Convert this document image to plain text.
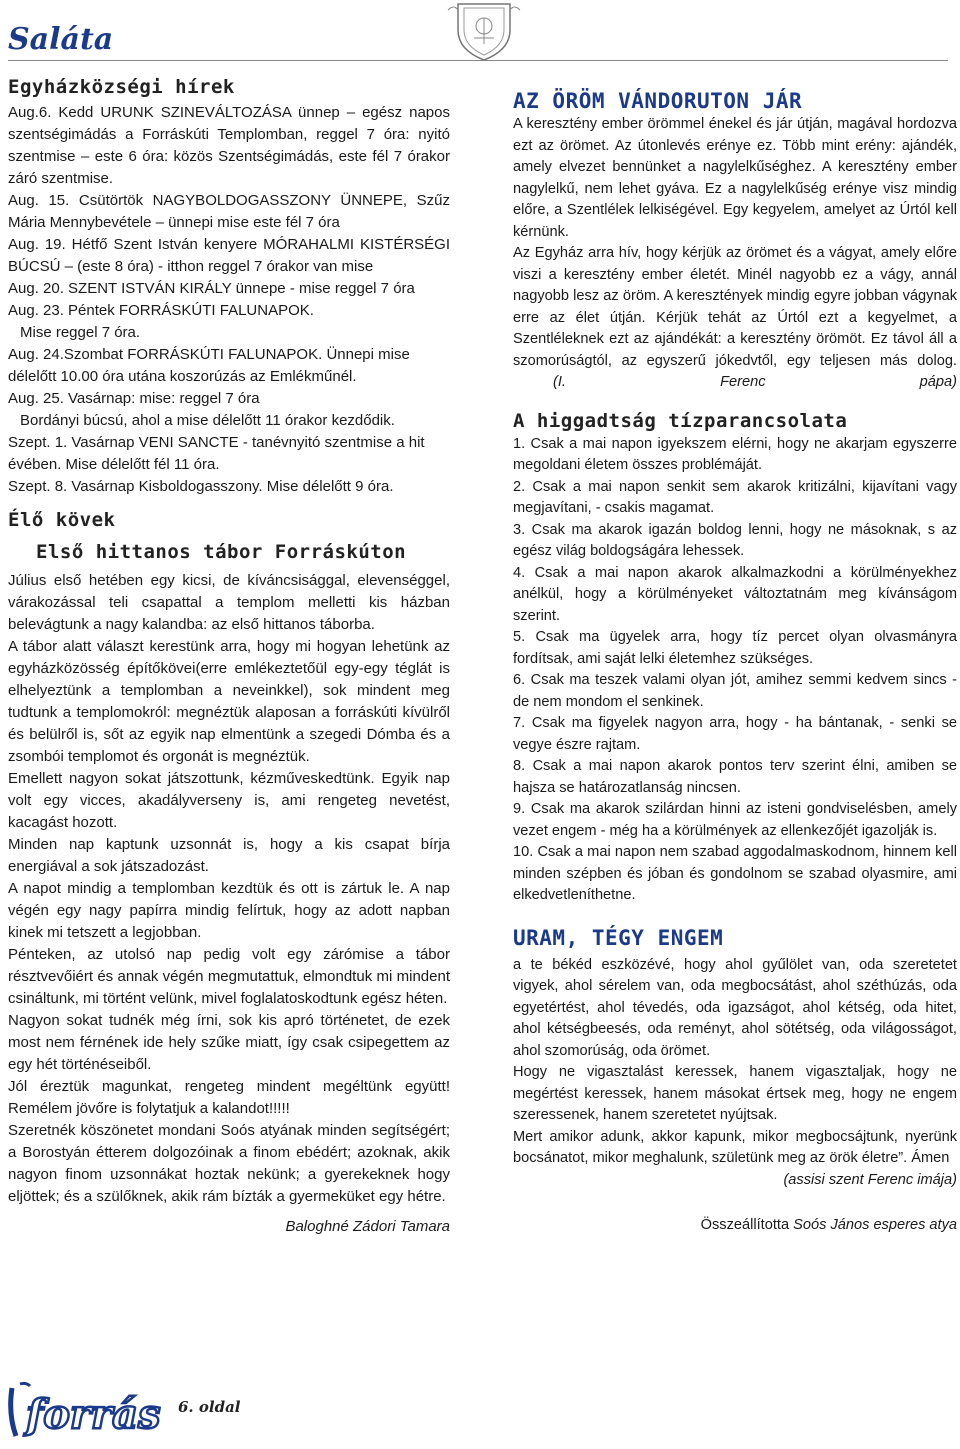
Saláta
Egyházközségi hírek

Aug.6. Kedd URUNK SZINEVÁLTOZÁSA ünnep – egész napos szentségimádás a Forráskúti Templomban, reggel 7 óra: nyitó szentmise – este 6 óra: közös Szentségimádás, este fél 7 órakor záró szentmise.

Aug. 15. Csütörtök NAGYBOLDOGASSZONY ÜNNEPE, Szűz Mária Mennybevétele – ünnepi mise este fél 7 óra

Aug. 19. Hétfő Szent István kenyere MÓRAHALMI KISTÉRSÉGI BÚCSÚ – (este 8 óra) - itthon reggel 7 órakor van mise

Aug. 20. SZENT ISTVÁN KIRÁLY ünnepe - mise reggel 7 óra

Aug. 23. Péntek FORRÁSKÚTI FALUNAPOK.

Mise reggel 7 óra.

Aug. 24.Szombat FORRÁSKÚTI FALUNAPOK. Ünnepi mise délelőtt 10.00 óra utána koszorúzás az Emlékműnél.

Aug. 25. Vasárnap: mise: reggel 7 óra

Bordányi búcsú, ahol a mise délelőtt 11 órakor kezdődik.

Szept. 1. Vasárnap VENI SANCTE - tanévnyitó szentmise a hit évében. Mise délelőtt fél 11 óra.

Szept. 8. Vasárnap Kisboldogasszony. Mise délelőtt 9 óra.

Élő kövek
Első hittanos tábor Forráskúton

Július első hetében egy kicsi, de kíváncsisággal, elevenséggel, várakozással teli csapattal a templom melletti kis házban belevágtunk a nagy kalandba: az első hittanos táborba.

A tábor alatt választ kerestünk arra, hogy mi hogyan lehetünk az egyházközösség építőkövei(erre emlékeztetőül egy-egy téglát is elhelyeztünk a templomban a neveinkkel), sok mindent meg tudtunk a templomokról: megnéztük alaposan a forráskúti kívülről és belülről is, sőt az egyik nap elmentünk a szegedi Dómba és a zsombói templomot és orgonát is megnéztük.

Emellett nagyon sokat játszottunk, kézműveskedtünk. Egyik nap volt egy vicces, akadályverseny is, ami rengeteg nevetést, kacagást hozott.

Minden nap kaptunk uzsonnát is, hogy a kis csapat bírja energiával a sok játszadozást.

A napot mindig a templomban kezdtük és ott is zártuk le. A nap végén egy nagy papírra mindig felírtuk, hogy az adott napban kinek mi tetszett a legjobban.

Pénteken, az utolsó nap pedig volt egy zárómise a tábor résztvevőiért és annak végén megmutattuk, elmondtuk mi mindent csináltunk, mi történt velünk, mivel foglalatoskodtunk egész héten.

Nagyon sokat tudnék még írni, sok kis apró történetet, de ezek most nem férnének ide hely szűke miatt, így csak csipegettem az egy hét történéseiből.

Jól éreztük magunkat, rengeteg mindent megéltünk együtt! Remélem jövőre is folytatjuk a kalandot!!!!!

Szeretnék köszönetet mondani Soós atyának minden segítségért; a Borostyán étterem dolgozóinak a finom ebédért; azoknak, akik nagyon finom uzsonnákat hoztak nekünk; a gyerekeknek hogy eljöttek; és a szülőknek, akik rám bízták a gyermeküket egy hétre.

Baloghné Zádori Tamara
forrás 6. oldal
AZ ÖRÖM VÁNDORUTON JÁR

A keresztény ember örömmel énekel és jár útján, magával hordozva ezt az örömet. Az útonlevés erénye ez. Több mint erény: ajándék, amely elvezet bennünket a nagylelkűséghez. A keresztény ember nagylelkű, nem lehet gyáva. Ez a nagylelkűség erénye visz mindig előre, a Szentlélek lelkiségével. Egy kegyelem, amelyet az Úrtól kell kérnünk.

Az Egyház arra hív, hogy kérjük az örömet és a vágyat, amely előre viszi a keresztény ember életét. Minél nagyobb ez a vágy, annál nagyobb lesz az öröm. A keresztények mindig egyre jobban vágynak erre az élet útján. Kérjük tehát az Úrtól ezt a kegyelmet, a Szentléleknek ezt az ajándékát: a keresztény örömöt. Ez távol áll a szomorúságtól, az egyszerű jókedvtől, egy teljesen más dolog. (I. Ferenc pápa)

A higgadtság tízparancsolata

1. Csak a mai napon igyekszem elérni, hogy ne akarjam egyszerre megoldani életem összes problémáját.

2. Csak a mai napon senkit sem akarok kritizálni, kijavítani vagy megjavítani, - csakis magamat.

3. Csak ma akarok igazán boldog lenni, hogy ne másoknak, s az egész világ boldogságára lehessek.

4. Csak a mai napon akarok alkalmazkodni a körülményekhez anélkül, hogy a körülményeket változtatnám meg kívánságom szerint.

5. Csak ma ügyelek arra, hogy tíz percet olyan olvasmányra fordítsak, ami saját lelki életemhez szükséges.

6. Csak ma teszek valami olyan jót, amihez semmi kedvem sincs - de nem mondom el senkinek.

7. Csak ma figyelek nagyon arra, hogy - ha bántanak, - senki se vegye észre rajtam.

8. Csak a mai napon akarok pontos terv szerint élni, amiben se hajsza se határozatlanság nincsen.

9. Csak ma akarok szilárdan hinni az isteni gondviselésben, amely vezet engem - még ha a körülmények az ellenkezőjét igazolják is.

10. Csak a mai napon nem szabad aggodalmaskodnom, hinnem kell minden szépben és jóban és gondolnom se szabad olyasmire, ami elkedvetleníthetne.

URAM, TÉGY ENGEM

a te békéd eszközévé, hogy ahol gyűlölet van, oda szeretetet vigyek, ahol sérelem van, oda megbocsátást, ahol széthúzás, oda egyetértést, ahol tévedés, oda igazságot, ahol kétség, oda hitet, ahol kétségbeesés, oda reményt, ahol sötétség, oda világosságot, ahol szomorúság, oda örömet.

Hogy ne vigasztalást keressek, hanem vigasztaljak, hogy ne megértést keressek, hanem másokat értsek meg, hogy ne engem szeressenek, hanem szeretetet nyújtsak.

Mert amikor adunk, akkor kapunk, mikor megbocsájtunk, nyerünk bocsánatot, mikor meghalunk, születünk meg az örök életre”. Ámen

(assisi szent Ferenc imája)
Összeállította Soós János esperes atya
